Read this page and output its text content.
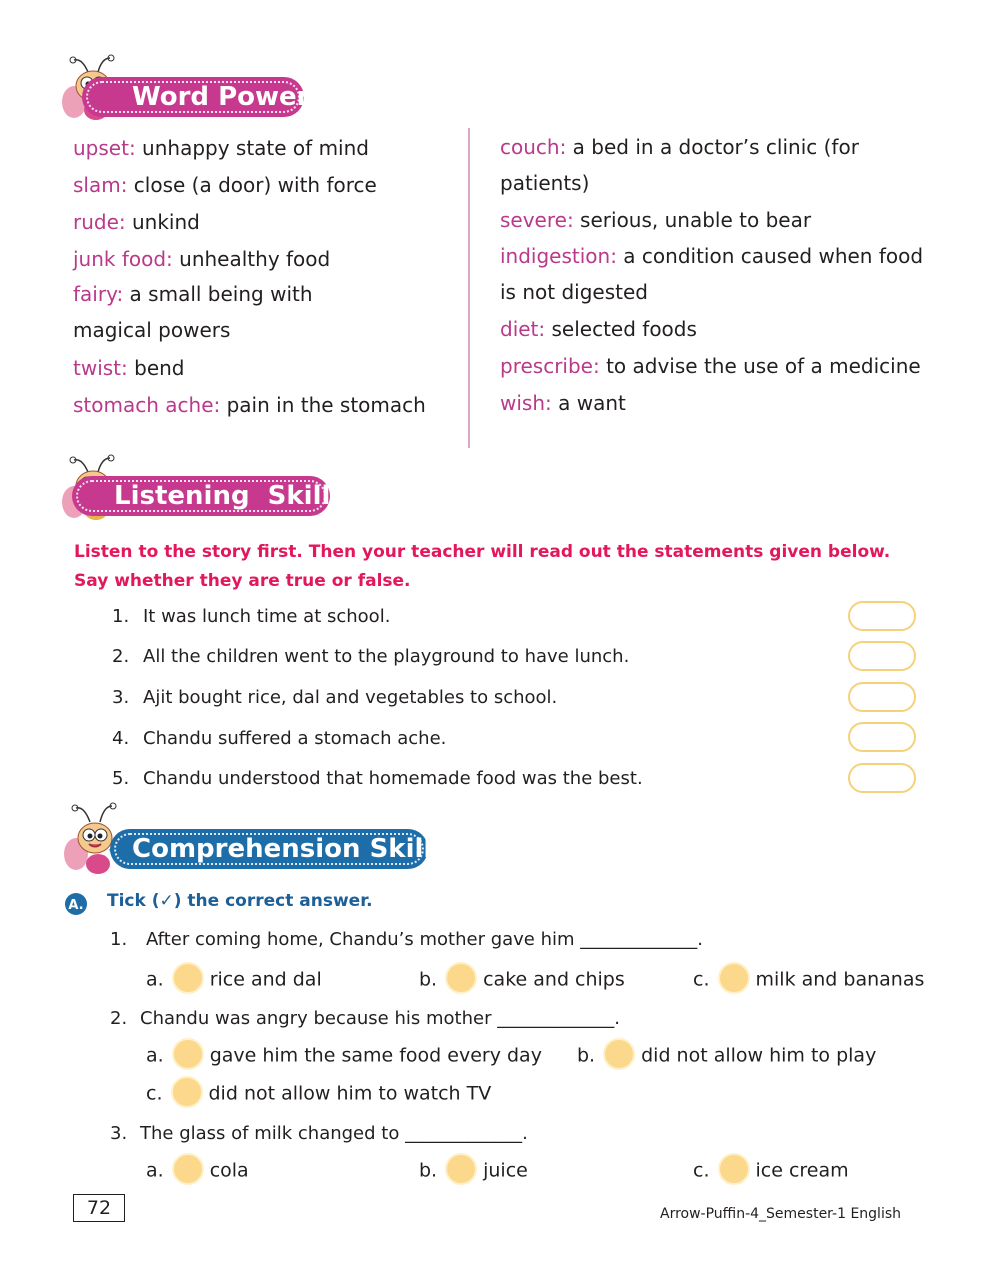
Word Power
upset: unhappy state of mind
slam: close (a door) with force
rude: unkind
junk food: unhealthy food
fairy: a small being with
magical powers
twist: bend
stomach ache: pain in the stomach
couch: a bed in a doctor’s clinic (for
patients)
severe: serious, unable to bear
indigestion: a condition caused when food
is not digested
diet: selected foods
prescribe: to advise the use of a medicine
wish: a want
Listening  Skills
Listen to the story first. Then your teacher will read out the statements given below.
Say whether they are true or false.
1. It was lunch time at school.
2. All the children went to the playground to have lunch.
3. Ajit bought rice, dal and vegetables to school.
4. Chandu suffered a stomach ache.
5. Chandu understood that homemade food was the best.
Comprehension Skills
A. Tick (✓) the correct answer.
1. After coming home, Chandu’s mother gave him _____________.
a. rice and dal	b. cake and chips	c. milk and bananas
2. Chandu was angry because his mother _____________.
a. gave him the same food every day b. did not allow him to play
c. did not allow him to watch TV
3. The glass of milk changed to _____________.
a. cola	b. juice	c. ice cream
72	Arrow-Puffin-4_Semester-1 English
